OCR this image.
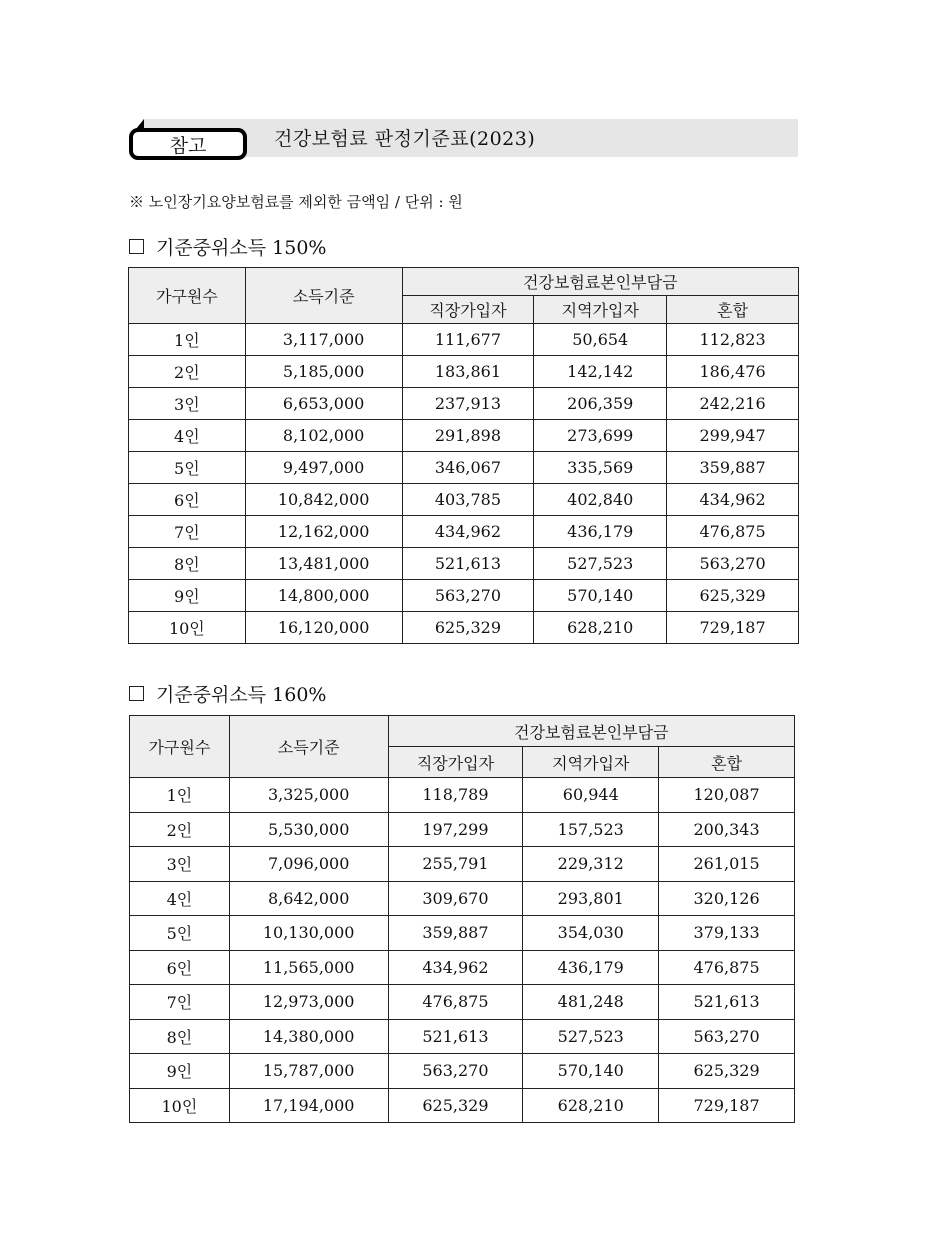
참고	건강보험료 판정기준표(2023)
※ 노인장기요양보험료를 제외한 금액임 / 단위 : 원
기준중위소득 150%
가구원수	소득기준	건강보험료본인부담금		
		직장가입자	지역가입자	혼합
1인	3,117,000	111,677	50,654	112,823
2인	5,185,000	183,861	142,142	186,476
3인	6,653,000	237,913	206,359	242,216
4인	8,102,000	291,898	273,699	299,947
5인	9,497,000	346,067	335,569	359,887
6인	10,842,000	403,785	402,840	434,962
7인	12,162,000	434,962	436,179	476,875
8인	13,481,000	521,613	527,523	563,270
9인	14,800,000	563,270	570,140	625,329
10인	16,120,000	625,329	628,210	729,187
기준중위소득 160%
가구원수	소득기준	건강보험료본인부담금		
		직장가입자	지역가입자	혼합
1인	3,325,000	118,789	60,944	120,087
2인	5,530,000	197,299	157,523	200,343
3인	7,096,000	255,791	229,312	261,015
4인	8,642,000	309,670	293,801	320,126
5인	10,130,000	359,887	354,030	379,133
6인	11,565,000	434,962	436,179	476,875
7인	12,973,000	476,875	481,248	521,613
8인	14,380,000	521,613	527,523	563,270
9인	15,787,000	563,270	570,140	625,329
10인	17,194,000	625,329	628,210	729,187
